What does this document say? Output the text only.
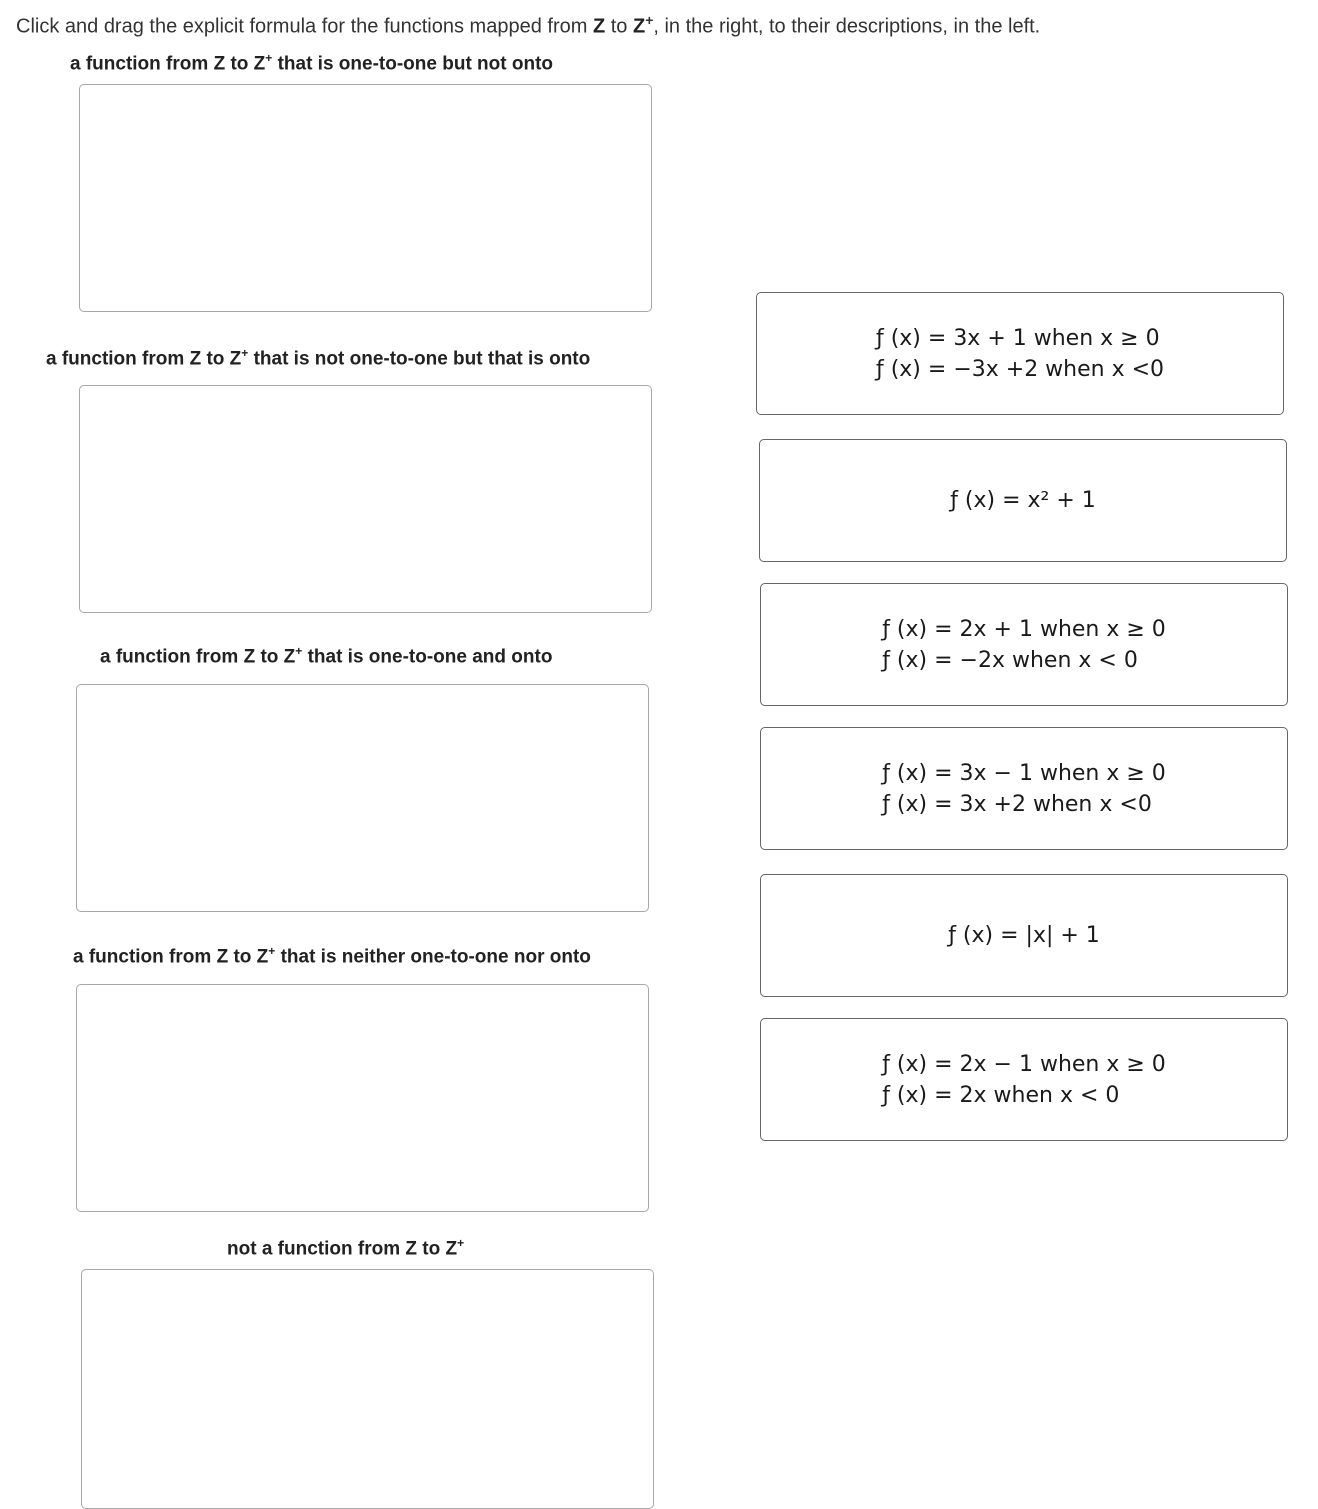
Click and drag the explicit formula for the functions mapped from Z to Z+, in the right, to their descriptions, in the left.
a function from Z to Z+ that is one-to-one but not onto
a function from Z to Z+ that is not one-to-one but that is onto
a function from Z to Z+ that is one-to-one and onto
a function from Z to Z+ that is neither one-to-one nor onto
not a function from Z to Z+
ƒ (x) = 3x + 1 when x ≥ 0
ƒ (x) = −3x +2 when x <0
ƒ (x) = x² + 1
ƒ (x) = 2x + 1 when x ≥ 0
ƒ (x) = −2x when x < 0
ƒ (x) = 3x − 1 when x ≥ 0
ƒ (x) = 3x +2 when x <0
ƒ (x) = |x| + 1
ƒ (x) = 2x − 1 when x ≥ 0
ƒ (x) = 2x when x < 0
